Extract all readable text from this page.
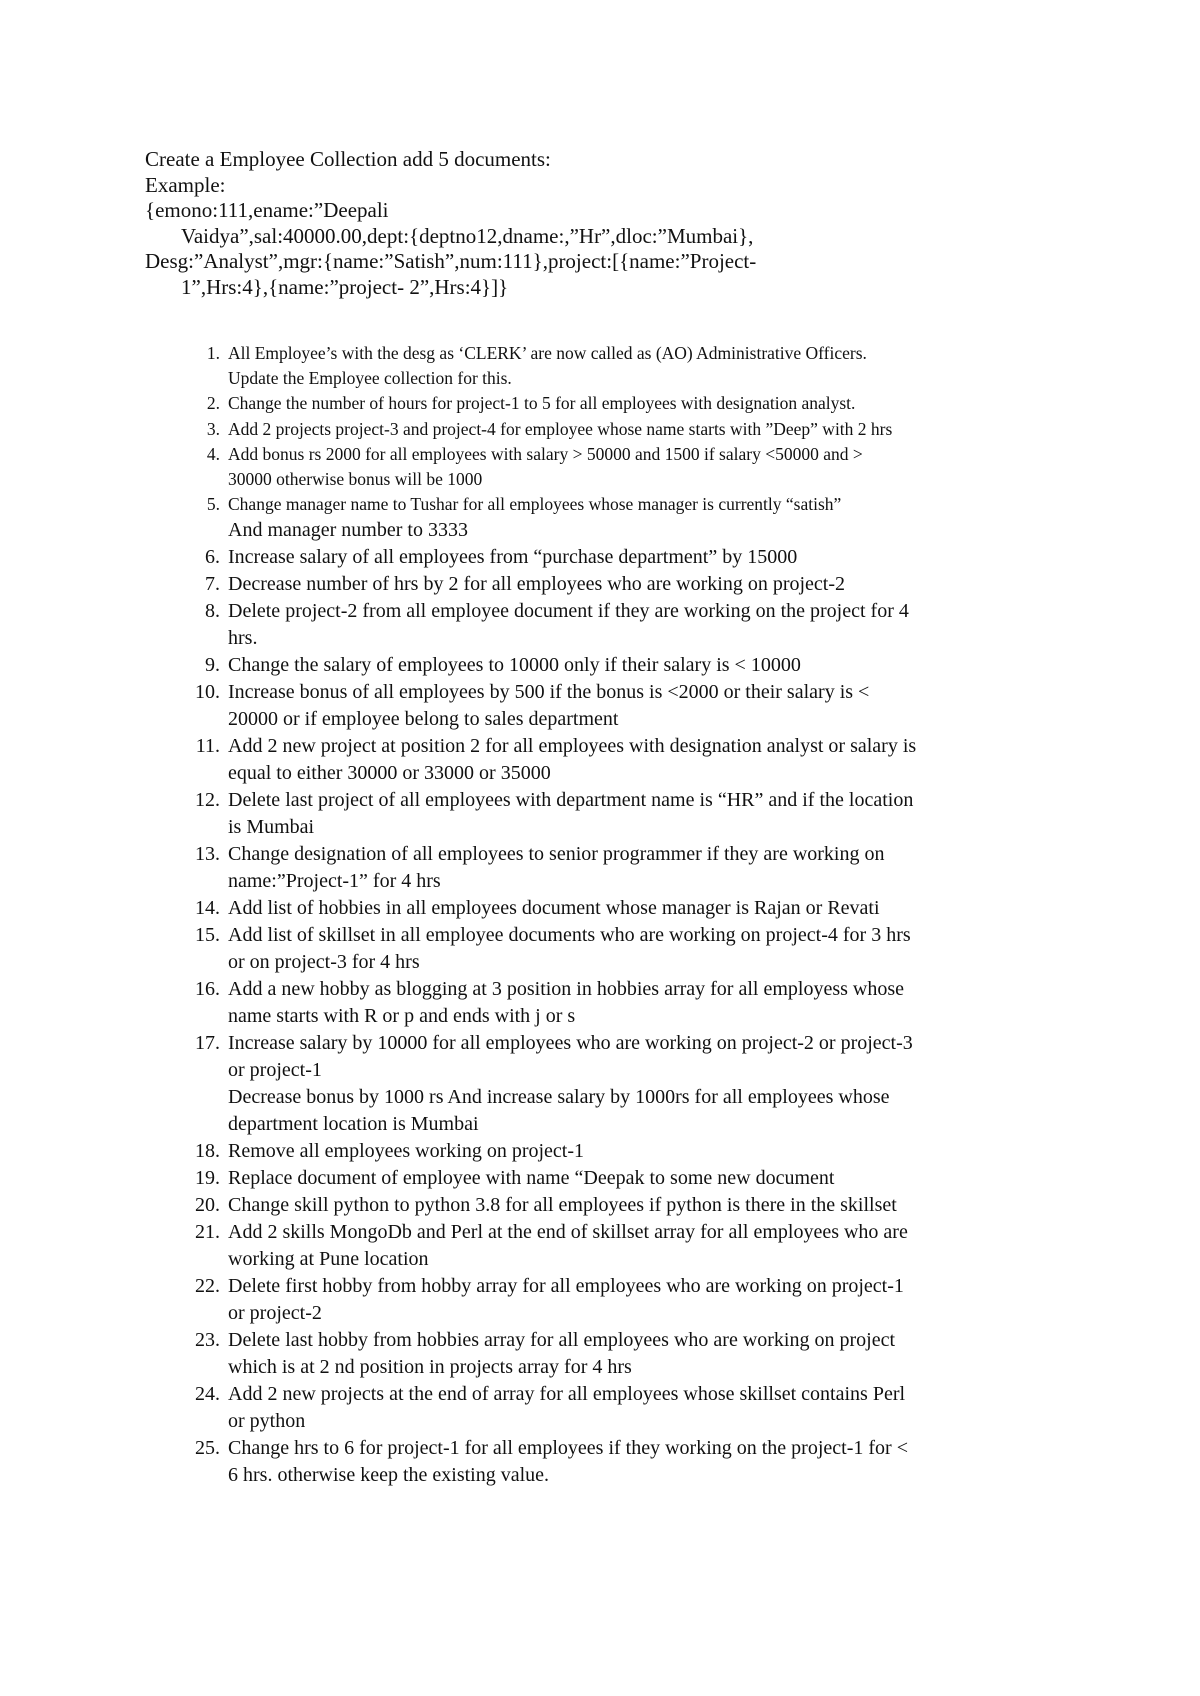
Create a Employee Collection add 5 documents:
Example:
{emono:111,ename:”Deepali
Vaidya”,sal:40000.00,dept:{deptno12,dname:,”Hr”,dloc:”Mumbai},
Desg:”Analyst”,mgr:{name:”Satish”,num:111},project:[{name:”Project-
1”,Hrs:4},{name:”project- 2”,Hrs:4}]}
1. All Employee’s with the desg as ‘CLERK’ are now called as (AO) Administrative Officers.
Update the Employee collection for this.
2. Change the number of hours for project-1 to 5 for all employees with designation analyst.
3. Add 2 projects project-3 and project-4 for employee whose name starts with ”Deep” with 2 hrs
4. Add bonus rs 2000 for all employees with salary > 50000 and 1500 if salary <50000 and >
30000 otherwise bonus will be 1000
5. Change manager name to Tushar for all employees whose manager is currently “satish”
And manager number to 3333
6. Increase salary of all employees from “purchase department” by 15000
7. Decrease number of hrs by 2 for all employees who are working on project-2
8. Delete project-2 from all employee document if they are working on the project for 4
hrs.
9. Change the salary of employees to 10000 only if their salary is < 10000
10. Increase bonus of all employees by 500 if the bonus is <2000 or their salary is <
20000 or if employee belong to sales department
11. Add 2 new project at position 2 for all employees with designation analyst or salary is
equal to either 30000 or 33000 or 35000
12. Delete last project of all employees with department name is “HR” and if the location
is Mumbai
13. Change designation of all employees to senior programmer if they are working on
name:”Project-1” for 4 hrs
14. Add list of hobbies in all employees document whose manager is Rajan or Revati
15. Add list of skillset in all employee documents who are working on project-4 for 3 hrs
or on project-3 for 4 hrs
16. Add a new hobby as blogging at 3 position in hobbies array for all employess whose
name starts with R or p and ends with j or s
17. Increase salary by 10000 for all employees who are working on project-2 or project-3
or project-1
Decrease bonus by 1000 rs And increase salary by 1000rs for all employees whose
department location is Mumbai
18. Remove all employees working on project-1
19. Replace document of employee with name “Deepak to some new document
20. Change skill python to python 3.8 for all employees if python is there in the skillset
21. Add 2 skills MongoDb and Perl at the end of skillset array for all employees who are
working at Pune location
22. Delete first hobby from hobby array for all employees who are working on project-1
or project-2
23. Delete last hobby from hobbies array for all employees who are working on project
which is at 2 nd position in projects array for 4 hrs
24. Add 2 new projects at the end of array for all employees whose skillset contains Perl
or python
25. Change hrs to 6 for project-1 for all employees if they working on the project-1 for <
6 hrs. otherwise keep the existing value.
